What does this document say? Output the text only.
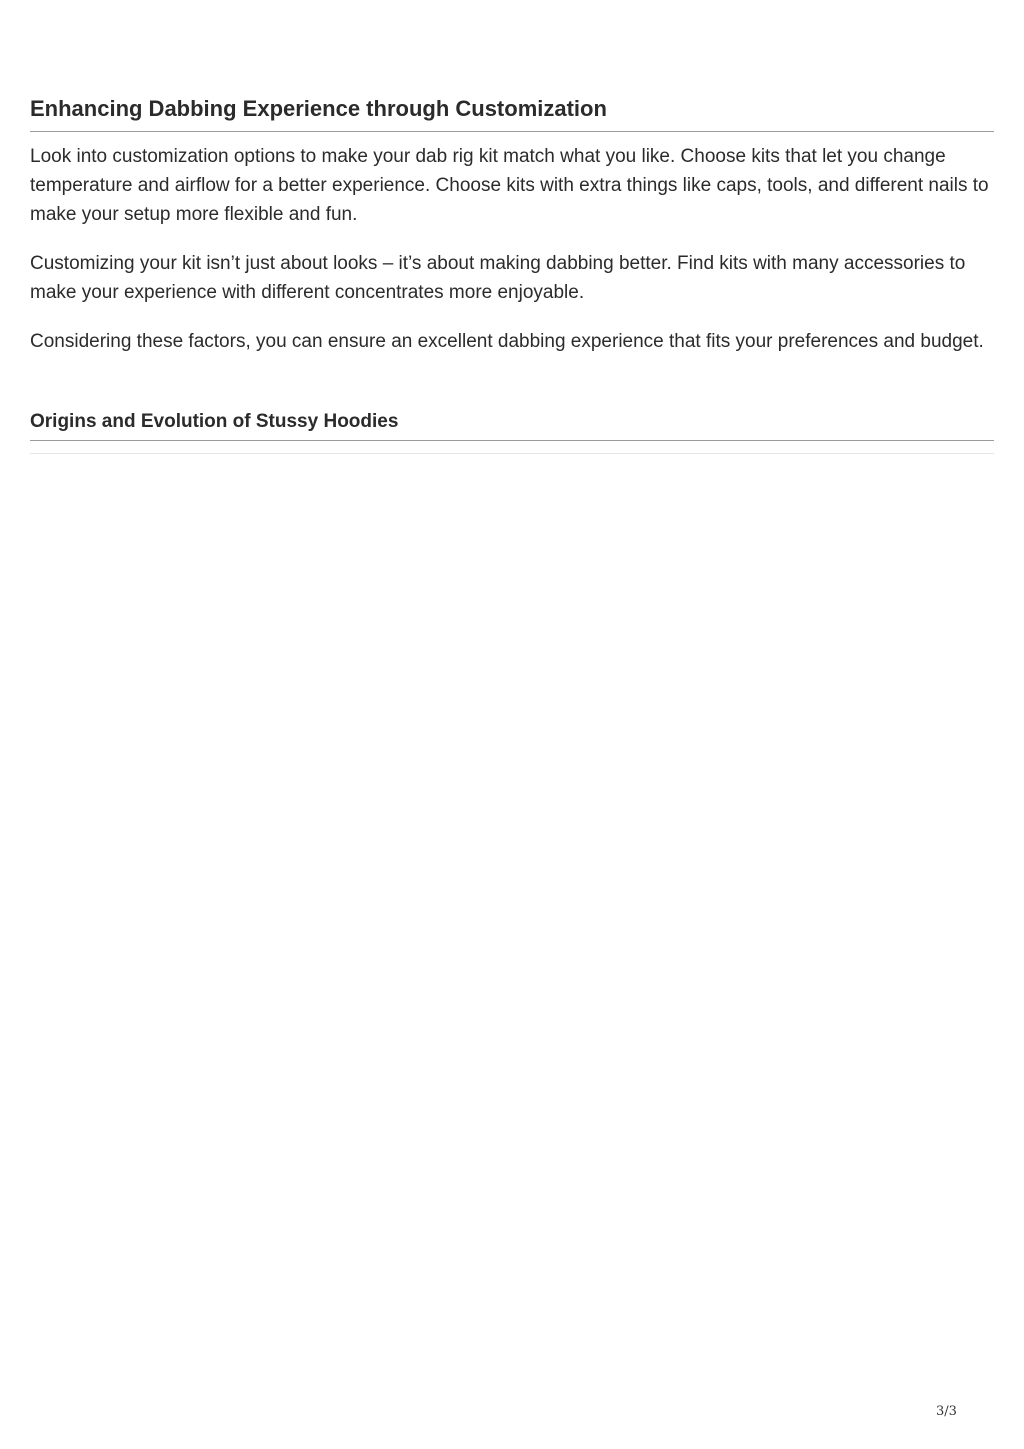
Enhancing Dabbing Experience through Customization

Look into customization options to make your dab rig kit match what you like. Choose kits that let you change temperature and airflow for a better experience. Choose kits with extra things like caps, tools, and different nails to make your setup more flexible and fun.

Customizing your kit isn’t just about looks – it’s about making dabbing better. Find kits with many accessories to make your experience with different concentrates more enjoyable.

Considering these factors, you can ensure an excellent dabbing experience that fits your preferences and budget.

Origins and Evolution of Stussy Hoodies
3/3
